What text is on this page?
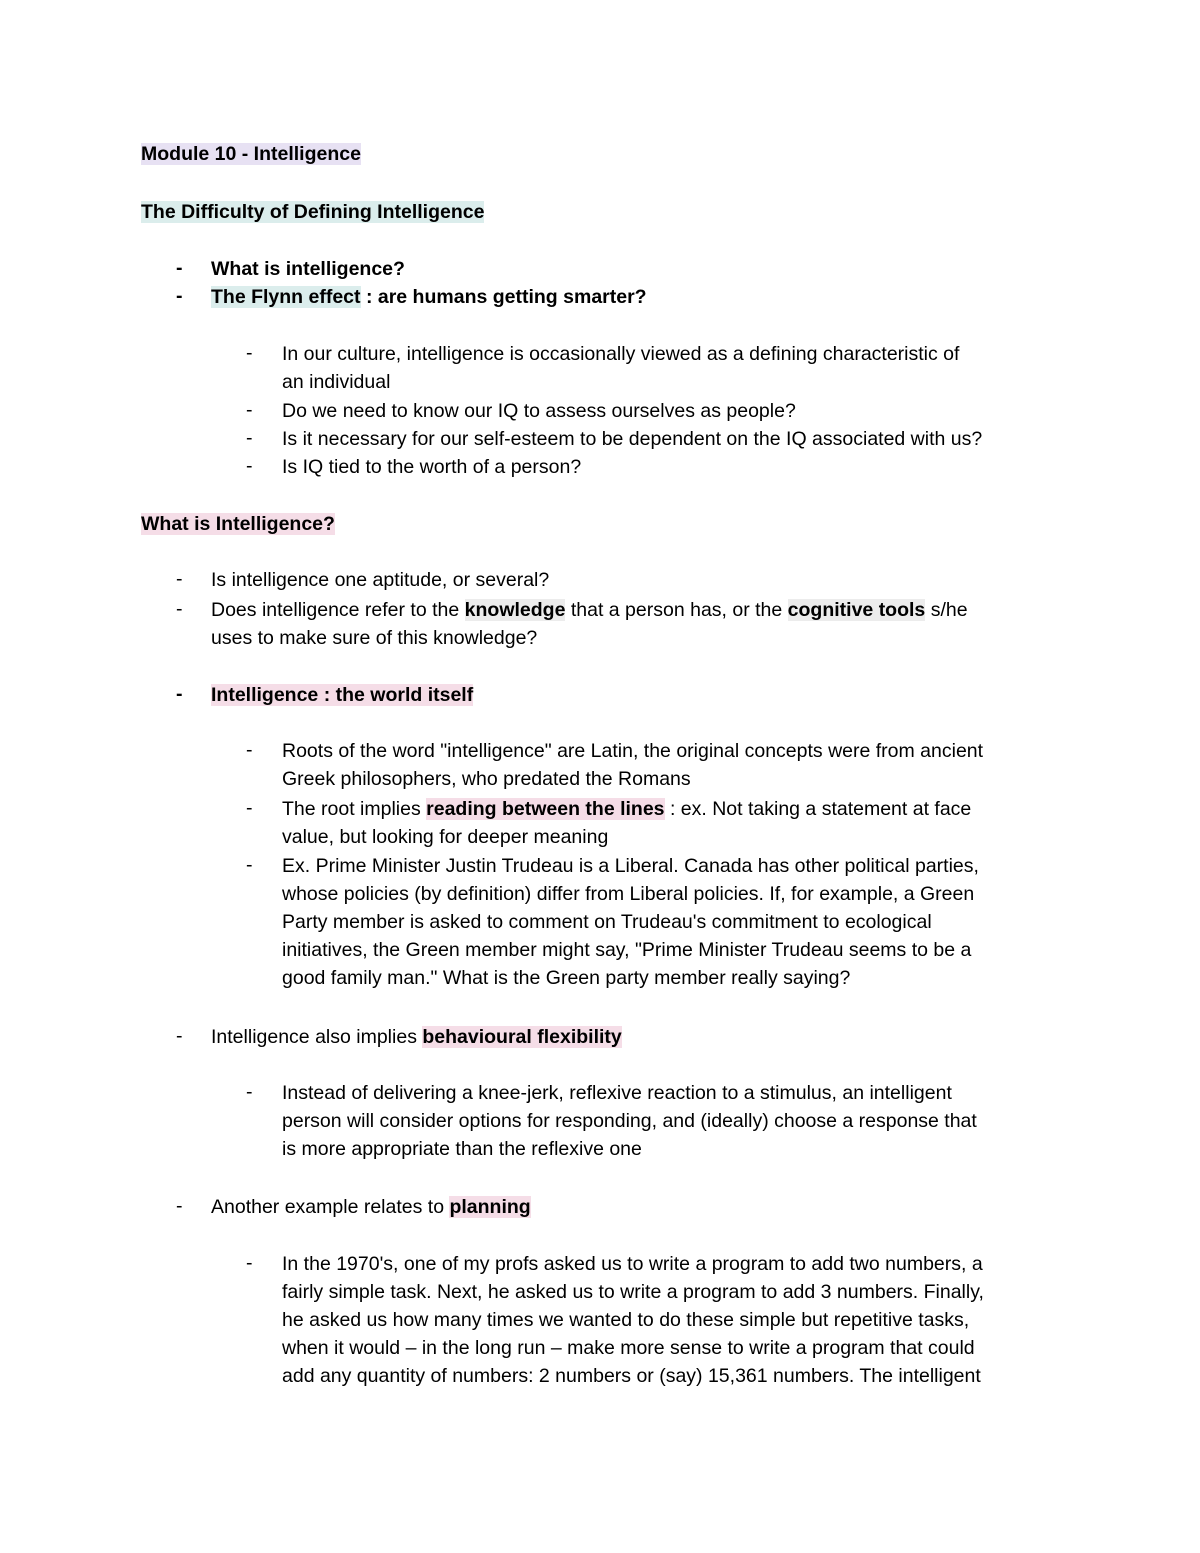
Module 10 - Intelligence
The Difficulty of Defining Intelligence
- What is intelligence?
- The Flynn effect : are humans getting smarter?
- In our culture, intelligence is occasionally viewed as a defining characteristic of
an individual
- Do we need to know our IQ to assess ourselves as people?
- Is it necessary for our self-esteem to be dependent on the IQ associated with us?
- Is IQ tied to the worth of a person?
What is Intelligence?
- Is intelligence one aptitude, or several?
- Does intelligence refer to the knowledge that a person has, or the cognitive tools s/he
uses to make sure of this knowledge?
- Intelligence : the world itself
- Roots of the word "intelligence" are Latin, the original concepts were from ancient
Greek philosophers, who predated the Romans
- The root implies reading between the lines : ex. Not taking a statement at face
value, but looking for deeper meaning
- Ex. Prime Minister Justin Trudeau is a Liberal. Canada has other political parties,
whose policies (by definition) differ from Liberal policies. If, for example, a Green
Party member is asked to comment on Trudeau's commitment to ecological
initiatives, the Green member might say, "Prime Minister Trudeau seems to be a
good family man." What is the Green party member really saying?
- Intelligence also implies behavioural flexibility
- Instead of delivering a knee-jerk, reflexive reaction to a stimulus, an intelligent
person will consider options for responding, and (ideally) choose a response that
is more appropriate than the reflexive one
- Another example relates to planning
- In the 1970's, one of my profs asked us to write a program to add two numbers, a
fairly simple task. Next, he asked us to write a program to add 3 numbers. Finally,
he asked us how many times we wanted to do these simple but repetitive tasks,
when it would – in the long run – make more sense to write a program that could
add any quantity of numbers: 2 numbers or (say) 15,361 numbers. The intelligent
